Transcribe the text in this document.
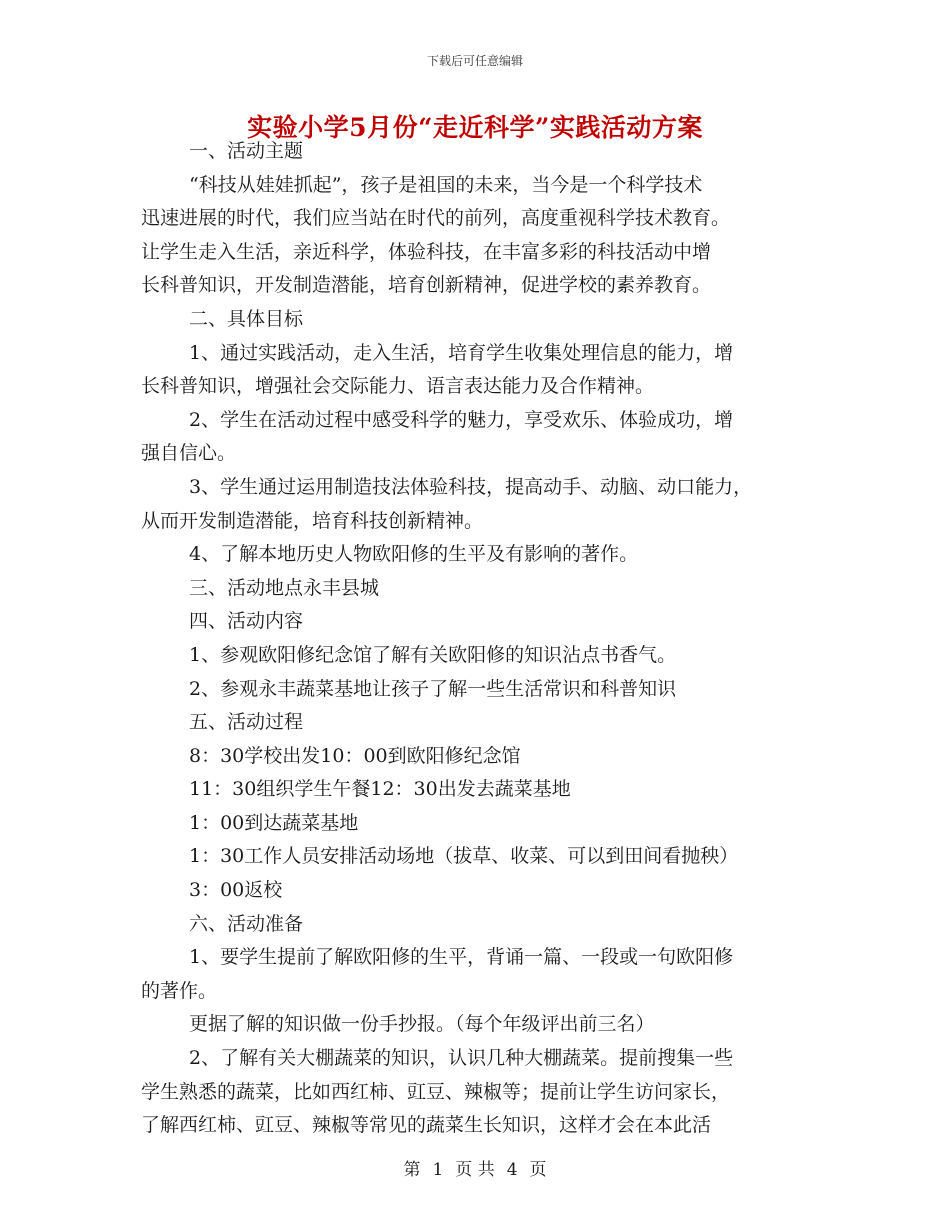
下载后可任意编辑
实验小学5月份“走近科学”实践活动方案
一、活动主题
“科技从娃娃抓起”，孩子是祖国的未来，当今是一个科学技术
迅速进展的时代，我们应当站在时代的前列，高度重视科学技术教育。
让学生走入生活，亲近科学，体验科技，在丰富多彩的科技活动中增
长科普知识，开发制造潜能，培育创新精神，促进学校的素养教育。
二、具体目标
1、通过实践活动，走入生活，培育学生收集处理信息的能力，增
长科普知识，增强社会交际能力、语言表达能力及合作精神。
2、学生在活动过程中感受科学的魅力，享受欢乐、体验成功，增
强自信心。
3、学生通过运用制造技法体验科技，提高动手、动脑、动口能力，
从而开发制造潜能，培育科技创新精神。
4、了解本地历史人物欧阳修的生平及有影响的著作。
三、活动地点永丰县城
四、活动内容
1、参观欧阳修纪念馆了解有关欧阳修的知识沾点书香气。
2、参观永丰蔬菜基地让孩子了解一些生活常识和科普知识
五、活动过程
8：30学校出发10：00到欧阳修纪念馆
11：30组织学生午餐12：30出发去蔬菜基地
1：00到达蔬菜基地
1：30工作人员安排活动场地（拔草、收菜、可以到田间看抛秧）
3：00返校
六、活动准备
1、要学生提前了解欧阳修的生平，背诵一篇、一段或一句欧阳修
的著作。
更据了解的知识做一份手抄报。（每个年级评出前三名）
2、了解有关大棚蔬菜的知识，认识几种大棚蔬菜。提前搜集一些
学生熟悉的蔬菜，比如西红柿、豇豆、辣椒等；提前让学生访问家长，
了解西红柿、豇豆、辣椒等常见的蔬菜生长知识，这样才会在本此活
第 1 页 共 4 页
